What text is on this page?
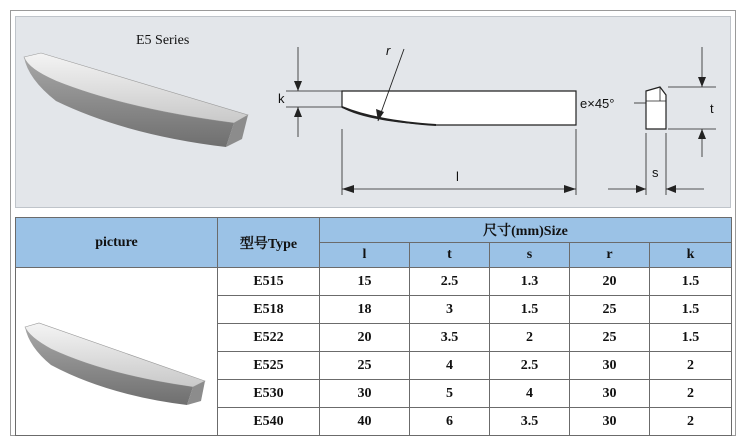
E5 Series
k
r
l
e×45°	t
s
picture	型号Type	尺寸(mm)Size				
		l	t	s	r	k
	E515	15	2.5	1.3	20	1.5
	E518	18	3	1.5	25	1.5
	E522	20	3.5	2	25	1.5
	E525	25	4	2.5	30	2
	E530	30	5	4	30	2
	E540	40	6	3.5	30	2
